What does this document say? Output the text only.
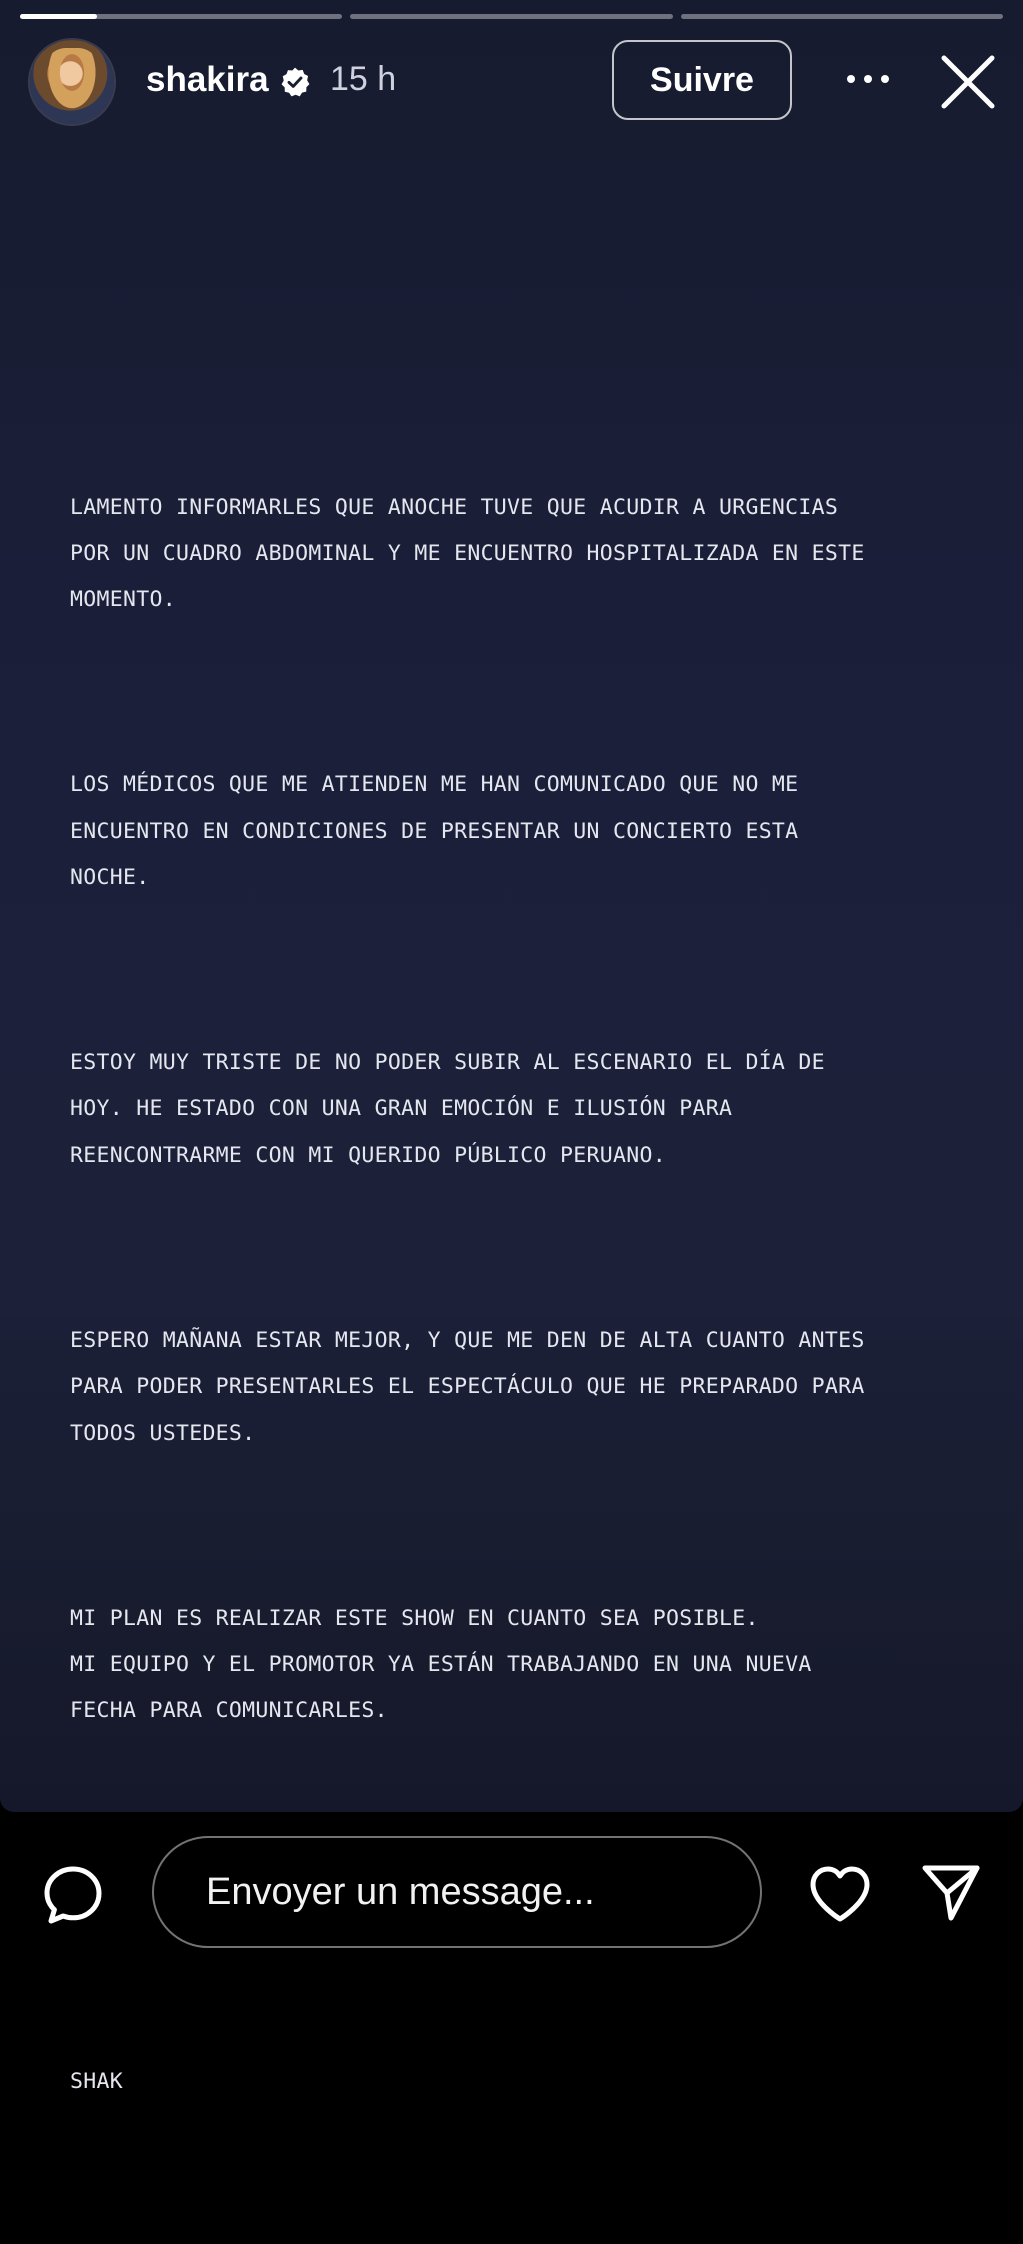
shakira 15 h	Suivre

LAMENTO INFORMARLES QUE ANOCHE TUVE QUE ACUDIR A URGENCIAS
POR UN CUADRO ABDOMINAL Y ME ENCUENTRO HOSPITALIZADA EN ESTE
MOMENTO.

LOS MÉDICOS QUE ME ATIENDEN ME HAN COMUNICADO QUE NO ME
ENCUENTRO EN CONDICIONES DE PRESENTAR UN CONCIERTO ESTA
NOCHE.

ESTOY MUY TRISTE DE NO PODER SUBIR AL ESCENARIO EL DÍA DE
HOY. HE ESTADO CON UNA GRAN EMOCIÓN E ILUSIÓN PARA
REENCONTRARME CON MI QUERIDO PÚBLICO PERUANO.

ESPERO MAÑANA ESTAR MEJOR, Y QUE ME DEN DE ALTA CUANTO ANTES
PARA PODER PRESENTARLES EL ESPECTÁCULO QUE HE PREPARADO PARA
TODOS USTEDES.

MI PLAN ES REALIZAR ESTE SHOW EN CUANTO SEA POSIBLE.
MI EQUIPO Y EL PROMOTOR YA ESTÁN TRABAJANDO EN UNA NUEVA
FECHA PARA COMUNICARLES.

SHAK

Envoyer un message...
